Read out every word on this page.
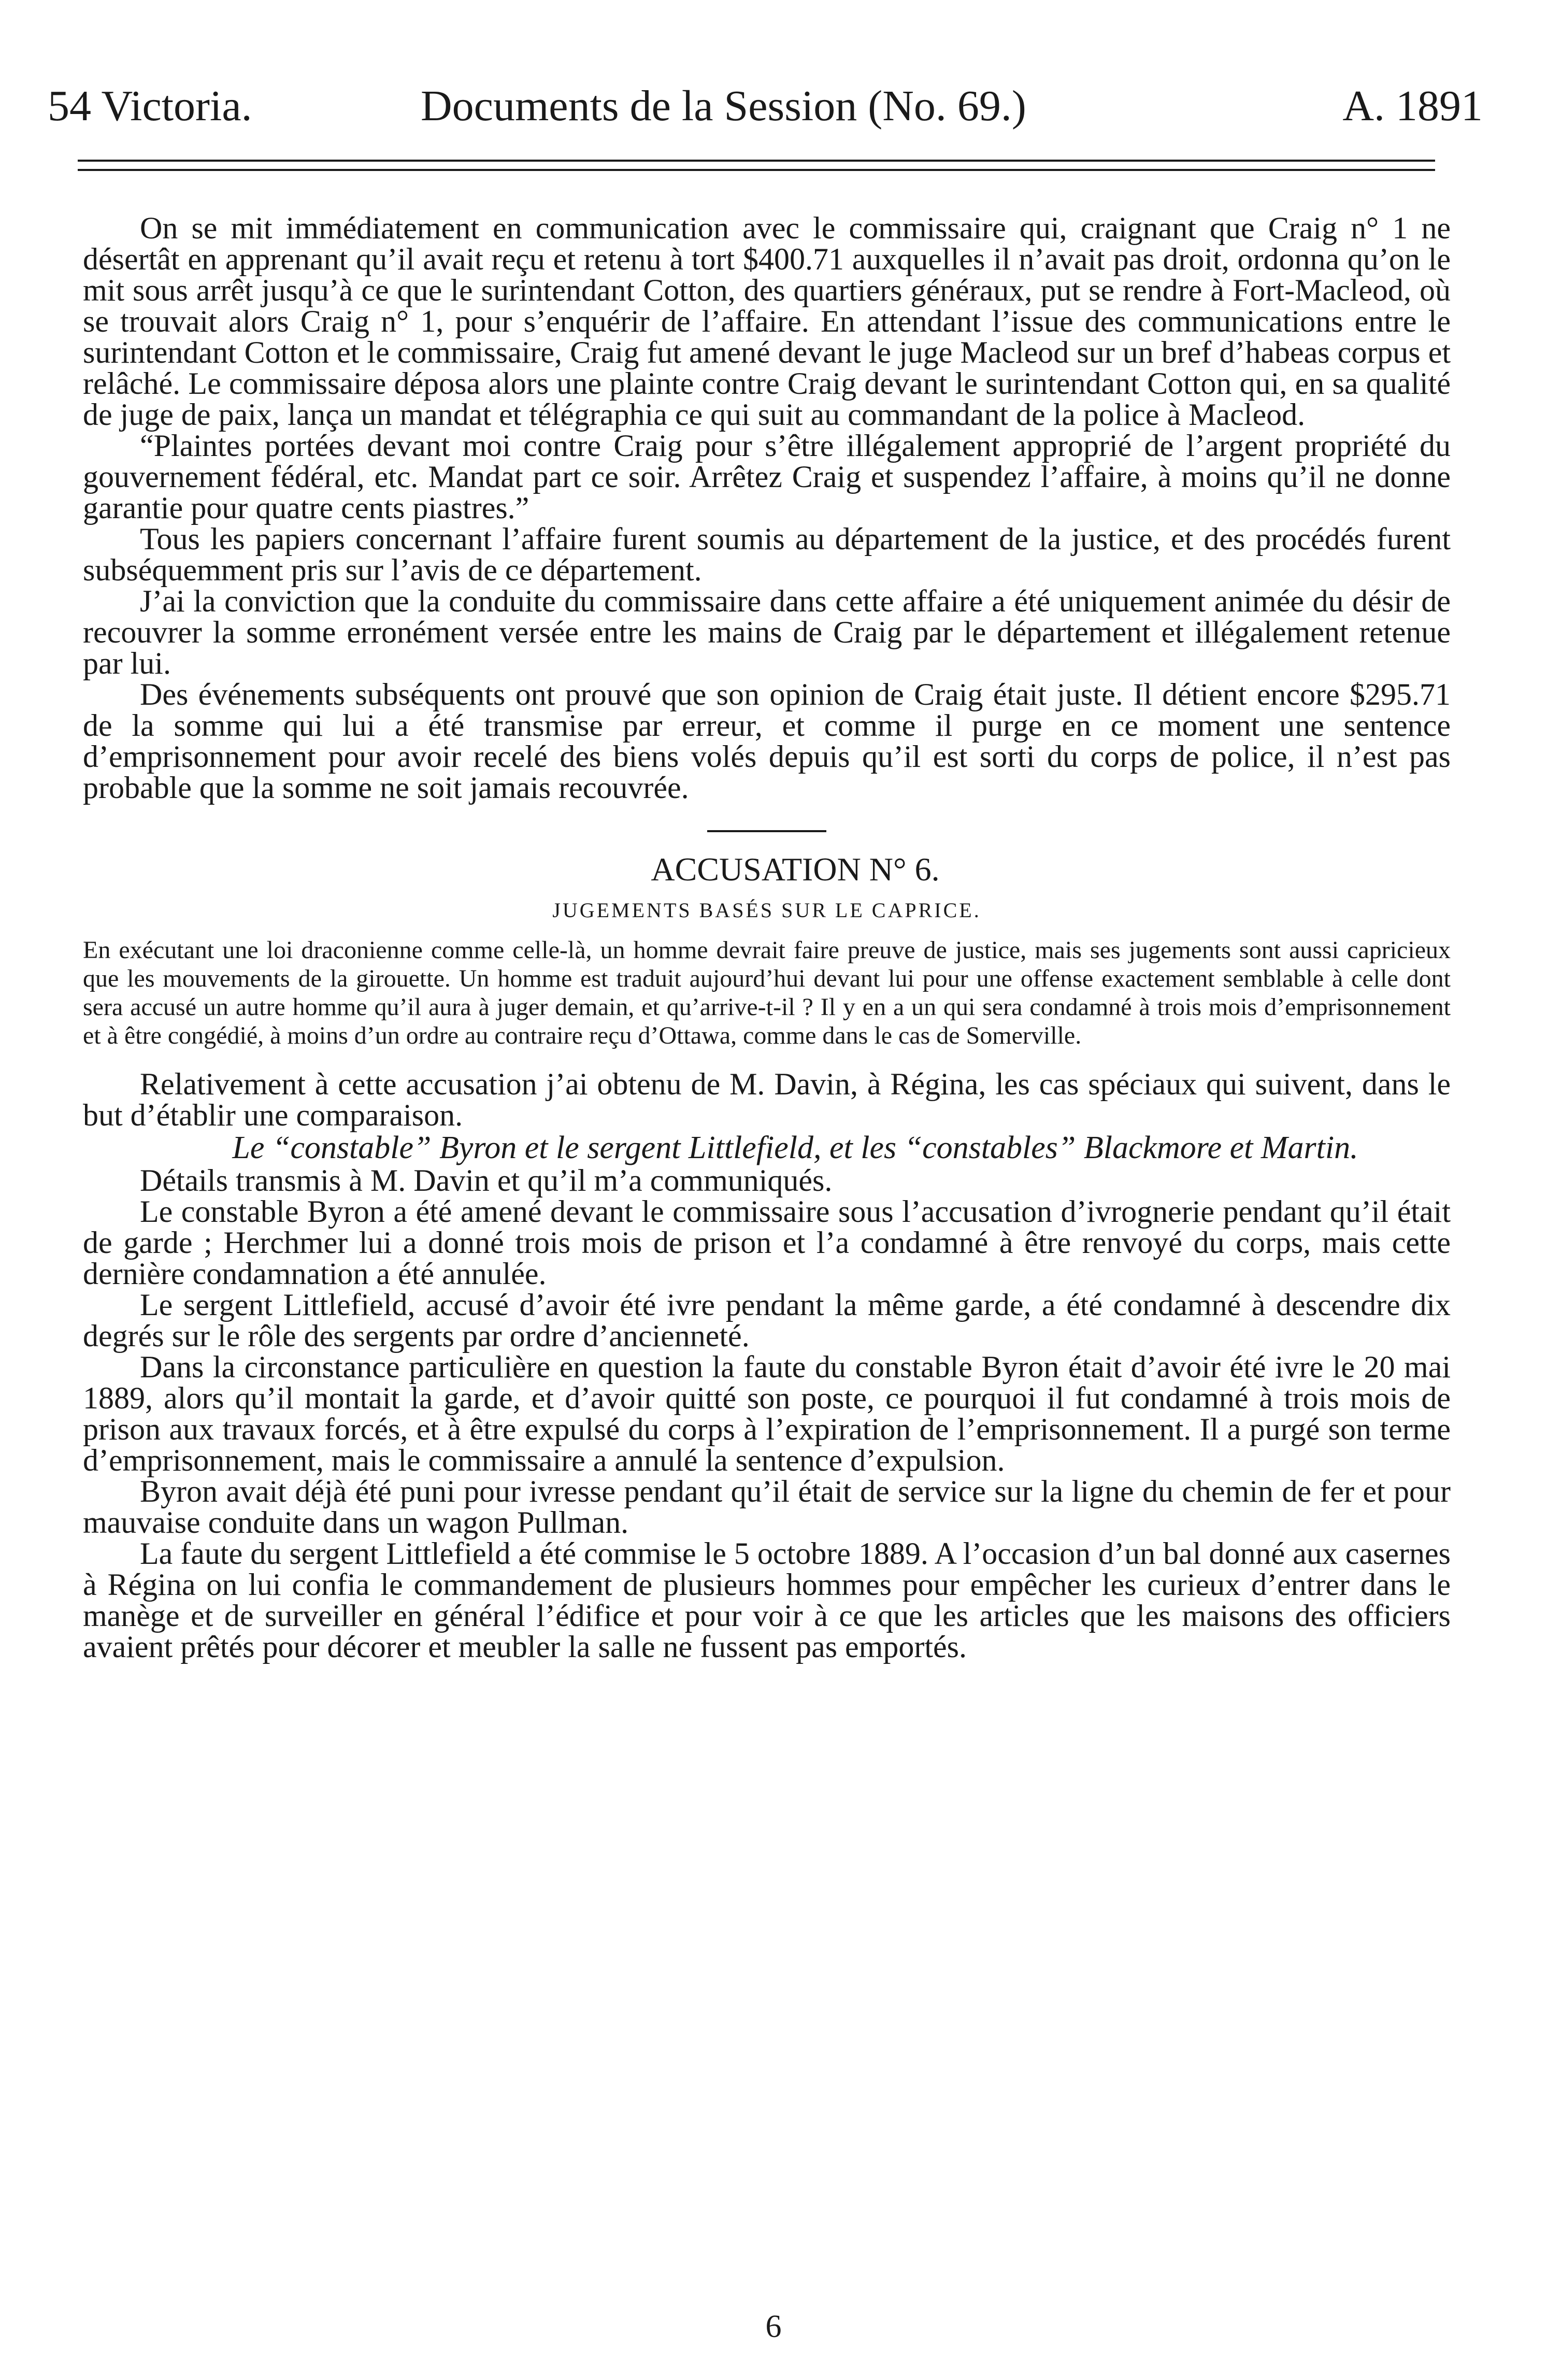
54 Victoria.	Documents de la Session (No. 69.)	A. 1891

On se mit immédiatement en communication avec le commissaire qui, craignant que Craig n° 1 ne désertât en apprenant qu’il avait reçu et retenu à tort $400.71 auxquelles il n’avait pas droit, ordonna qu’on le mit sous arrêt jusqu’à ce que le surintendant Cotton, des quartiers généraux, put se rendre à Fort-Macleod, où se trouvait alors Craig n° 1, pour s’enquérir de l’affaire. En attendant l’issue des communications entre le surintendant Cotton et le commissaire, Craig fut amené devant le juge Macleod sur un bref d’habeas corpus et relâché. Le commissaire déposa alors une plainte contre Craig devant le surintendant Cotton qui, en sa qualité de juge de paix, lança un mandat et télégraphia ce qui suit au commandant de la police à Macleod.

“Plaintes portées devant moi contre Craig pour s’être illégalement approprié de l’argent propriété du gouvernement fédéral, etc. Mandat part ce soir. Arrêtez Craig et suspendez l’affaire, à moins qu’il ne donne garantie pour quatre cents piastres.”

Tous les papiers concernant l’affaire furent soumis au département de la justice, et des procédés furent subséquemment pris sur l’avis de ce département.

J’ai la conviction que la conduite du commissaire dans cette affaire a été uniquement animée du désir de recouvrer la somme erronément versée entre les mains de Craig par le département et illégalement retenue par lui.

Des événements subséquents ont prouvé que son opinion de Craig était juste. Il détient encore $295.71 de la somme qui lui a été transmise par erreur, et comme il purge en ce moment une sentence d’emprisonnement pour avoir recelé des biens volés depuis qu’il est sorti du corps de police, il n’est pas probable que la somme ne soit jamais recouvrée.

ACCUSATION N° 6.

JUGEMENTS BASÉS SUR LE CAPRICE.

En exécutant une loi draconienne comme celle-là, un homme devrait faire preuve de justice, mais ses jugements sont aussi capricieux que les mouvements de la girouette. Un homme est traduit aujourd’hui devant lui pour une offense exactement semblable à celle dont sera accusé un autre homme qu’il aura à juger demain, et qu’arrive-t-il ? Il y en a un qui sera condamné à trois mois d’emprisonnement et à être congédié, à moins d’un ordre au contraire reçu d’Ottawa, comme dans le cas de Somerville.

Relativement à cette accusation j’ai obtenu de M. Davin, à Régina, les cas spéciaux qui suivent, dans le but d’établir une comparaison.

Le “constable” Byron et le sergent Littlefield, et les “constables” Blackmore et Martin.

Détails transmis à M. Davin et qu’il m’a communiqués.

Le constable Byron a été amené devant le commissaire sous l’accusation d’ivrognerie pendant qu’il était de garde ; Herchmer lui a donné trois mois de prison et l’a condamné à être renvoyé du corps, mais cette dernière condamnation a été annulée.

Le sergent Littlefield, accusé d’avoir été ivre pendant la même garde, a été condamné à descendre dix degrés sur le rôle des sergents par ordre d’ancienneté.

Dans la circonstance particulière en question la faute du constable Byron était d’avoir été ivre le 20 mai 1889, alors qu’il montait la garde, et d’avoir quitté son poste, ce pourquoi il fut condamné à trois mois de prison aux travaux forcés, et à être expulsé du corps à l’expiration de l’emprisonnement. Il a purgé son terme d’emprisonnement, mais le commissaire a annulé la sentence d’expulsion.

Byron avait déjà été puni pour ivresse pendant qu’il était de service sur la ligne du chemin de fer et pour mauvaise conduite dans un wagon Pullman.

La faute du sergent Littlefield a été commise le 5 octobre 1889. A l’occasion d’un bal donné aux casernes à Régina on lui confia le commandement de plusieurs hommes pour empêcher les curieux d’entrer dans le manège et de surveiller en général l’édifice et pour voir à ce que les articles que les maisons des officiers avaient prêtés pour décorer et meubler la salle ne fussent pas emportés.

6
